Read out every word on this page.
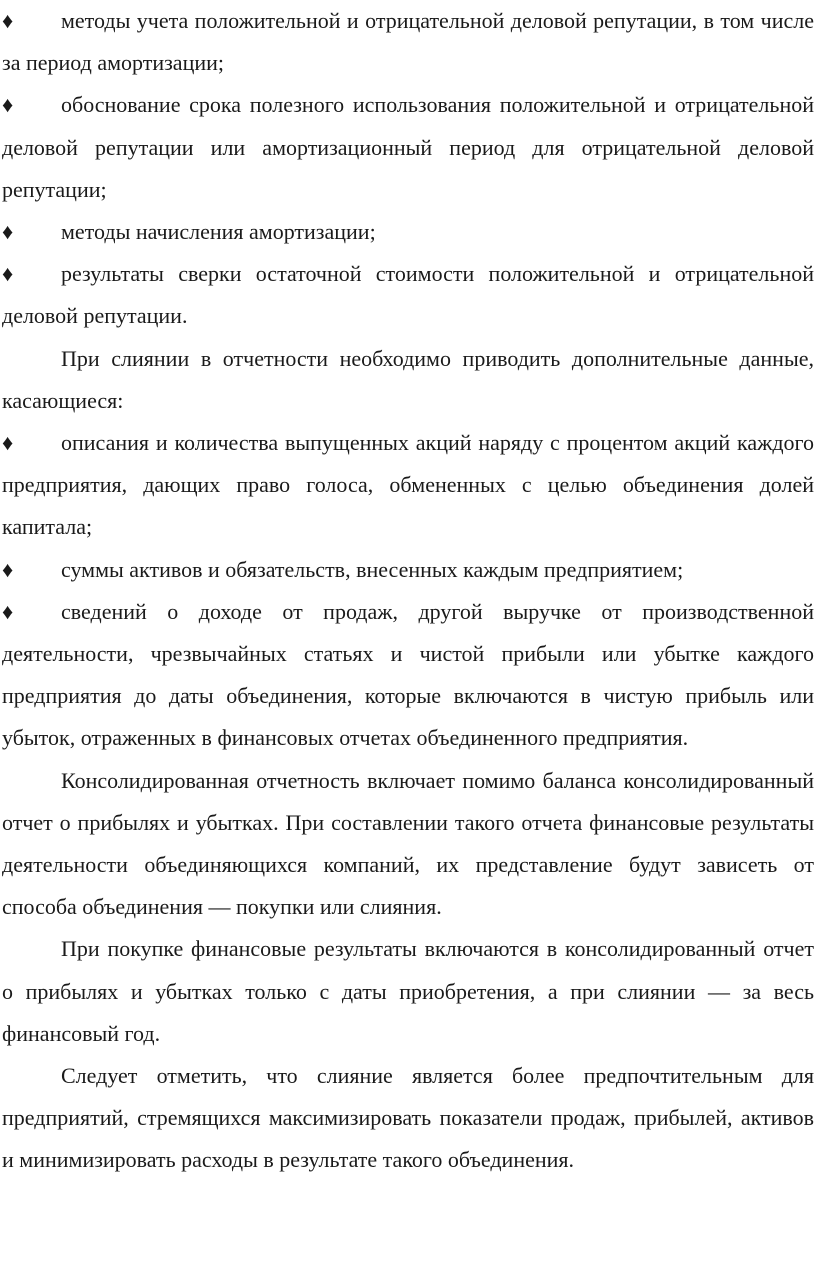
♦ методы учета положительной и отрицательной деловой репутации, в том числе за период амортизации;

♦ обоснование срока полезного использования положительной и отрицательной деловой репутации или амортизационный период для отрицательной деловой репутации;

♦ методы начисления амортизации;

♦ результаты сверки остаточной стоимости положительной и отрицательной деловой репутации.

При слиянии в отчетности необходимо приводить дополнительные данные, касающиеся:

♦ описания и количества выпущенных акций наряду с процентом акций каждого предприятия, дающих право голоса, обмененных с целью объединения долей капитала;

♦ суммы активов и обязательств, внесенных каждым предприятием;

♦ сведений о доходе от продаж, другой выручке от производственной деятельности, чрезвычайных статьях и чистой прибыли или убытке каждого предприятия до даты объединения, которые включаются в чистую прибыль или убыток, отраженных в финансовых отчетах объединенного предприятия.

Консолидированная отчетность включает помимо баланса консолидированный отчет о прибылях и убытках. При составлении такого отчета финансовые результаты деятельности объединяющихся компаний, их представление будут зависеть от способа объединения — покупки или слияния.

При покупке финансовые результаты включаются в консолидированный отчет о прибылях и убытках только с даты приобретения, а при слиянии — за весь финансовый год.

Следует отметить, что слияние является более предпочтительным для предприятий, стремящихся максимизировать показатели продаж, прибылей, активов и минимизировать расходы в результате такого объединения.
